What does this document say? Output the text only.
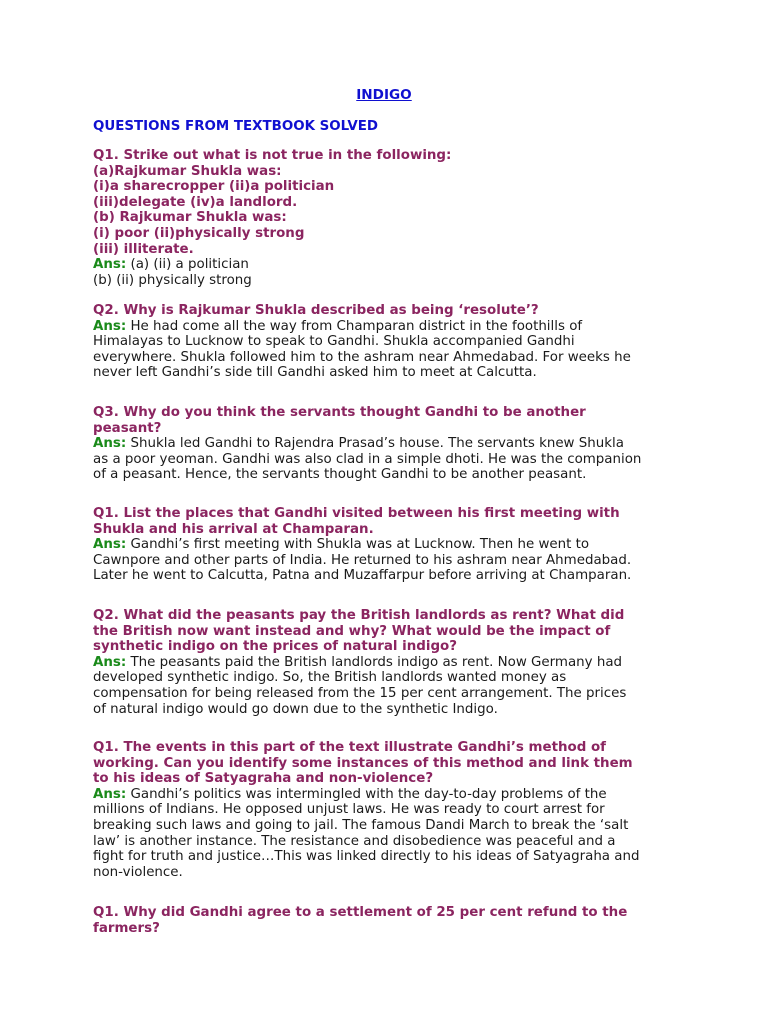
INDIGO
QUESTIONS FROM TEXTBOOK SOLVED
Q1. Strike out what is not true in the following:
(a)Rajkumar Shukla was:
(i)a sharecropper (ii)a politician
(iii)delegate (iv)a landlord.
(b) Rajkumar Shukla was:
(i) poor (ii)physically strong
(iii) illiterate.
Ans: (a) (ii) a politician
(b) (ii) physically strong
Q2. Why is Rajkumar Shukla described as being ‘resolute’?
Ans: He had come all the way from Champaran district in the foothills of
Himalayas to Lucknow to speak to Gandhi. Shukla accompanied Gandhi
everywhere. Shukla followed him to the ashram near Ahmedabad. For weeks he
never left Gandhi’s side till Gandhi asked him to meet at Calcutta.
Q3. Why do you think the servants thought Gandhi to be another
peasant?
Ans: Shukla led Gandhi to Rajendra Prasad’s house. The servants knew Shukla
as a poor yeoman. Gandhi was also clad in a simple dhoti. He was the companion
of a peasant. Hence, the servants thought Gandhi to be another peasant.
Q1. List the places that Gandhi visited between his first meeting with
Shukla and his arrival at Champaran.
Ans: Gandhi’s first meeting with Shukla was at Lucknow. Then he went to
Cawnpore and other parts of India. He returned to his ashram near Ahmedabad.
Later he went to Calcutta, Patna and Muzaffarpur before arriving at Champaran.
Q2. What did the peasants pay the British landlords as rent? What did
the British now want instead and why? What would be the impact of
synthetic indigo on the prices of natural indigo?
Ans: The peasants paid the British landlords indigo as rent. Now Germany had
developed synthetic indigo. So, the British landlords wanted money as
compensation for being released from the 15 per cent arrangement. The prices
of natural indigo would go down due to the synthetic Indigo.
Q1. The events in this part of the text illustrate Gandhi’s method of
working. Can you identify some instances of this method and link them
to his ideas of Satyagraha and non-violence?
Ans: Gandhi’s politics was intermingled with the day-to-day problems of the
millions of Indians. He opposed unjust laws. He was ready to court arrest for
breaking such laws and going to jail. The famous Dandi March to break the ‘salt
law’ is another instance. The resistance and disobedience was peaceful and a
fight for truth and justice…This was linked directly to his ideas of Satyagraha and
non-violence.
Q1. Why did Gandhi agree to a settlement of 25 per cent refund to the
farmers?
